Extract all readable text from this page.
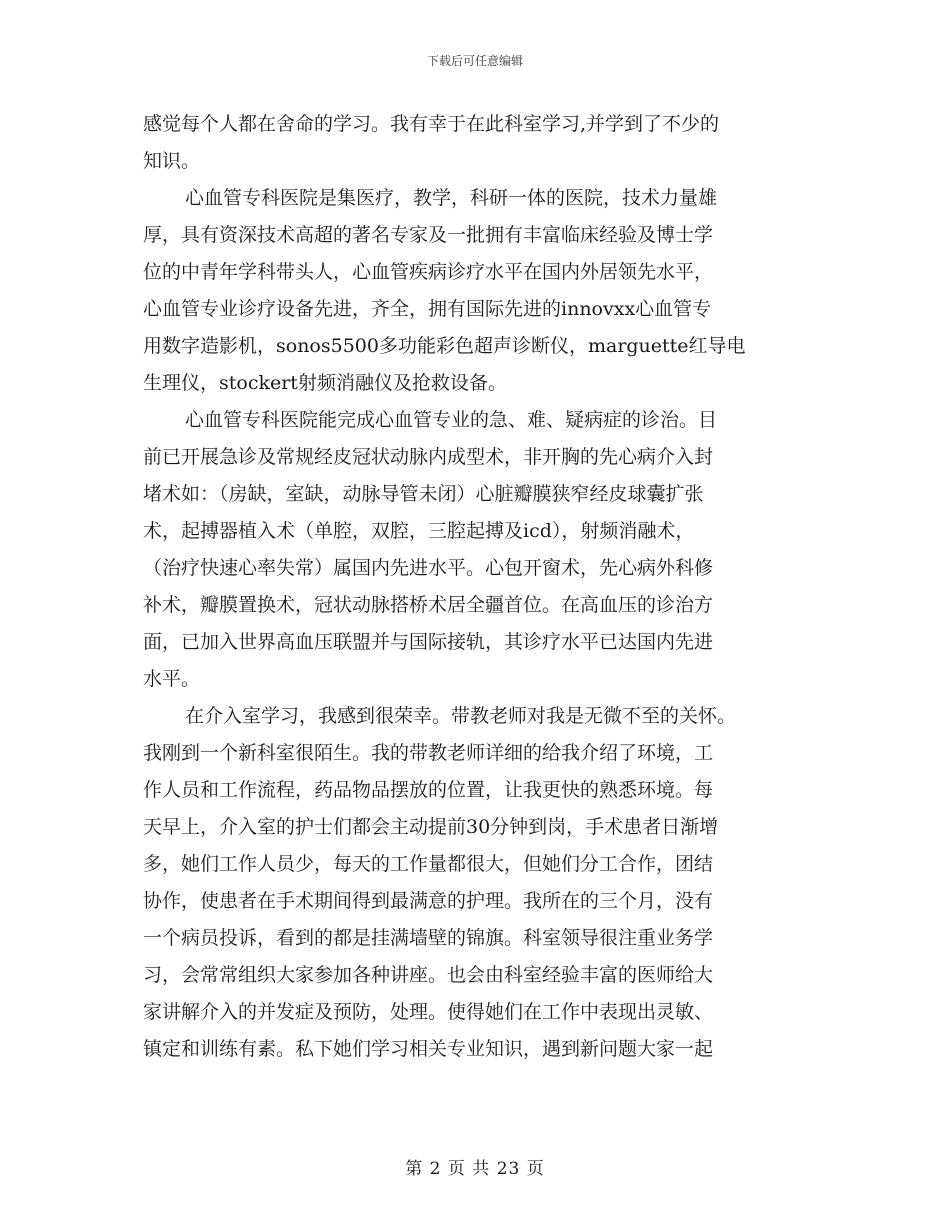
下载后可任意编辑
感觉每个人都在舍命的学习。我有幸于在此科室学习,并学到了不少的
知识。
心血管专科医院是集医疗，教学，科研一体的医院，技术力量雄
厚，具有资深技术高超的著名专家及一批拥有丰富临床经验及博士学
位的中青年学科带头人，心血管疾病诊疗水平在国内外居领先水平，
心血管专业诊疗设备先进，齐全，拥有国际先进的innovxx心血管专
用数字造影机，sonos5500多功能彩色超声诊断仪，marguette红导电
生理仪，stockert射频消融仪及抢救设备。
心血管专科医院能完成心血管专业的急、难、疑病症的诊治。目
前已开展急诊及常规经皮冠状动脉内成型术，非开胸的先心病介入封
堵术如：（房缺，室缺，动脉导管未闭）心脏瓣膜狭窄经皮球囊扩张
术，起搏器植入术（单腔，双腔，三腔起搏及icd），射频消融术，
（治疗快速心率失常）属国内先进水平。心包开窗术，先心病外科修
补术，瓣膜置换术，冠状动脉搭桥术居全疆首位。在高血压的诊治方
面，已加入世界高血压联盟并与国际接轨，其诊疗水平已达国内先进
水平。
在介入室学习，我感到很荣幸。带教老师对我是无微不至的关怀。
我刚到一个新科室很陌生。我的带教老师详细的给我介绍了环境，工
作人员和工作流程，药品物品摆放的位置，让我更快的熟悉环境。每
天早上，介入室的护士们都会主动提前30分钟到岗，手术患者日渐增
多，她们工作人员少，每天的工作量都很大，但她们分工合作，团结
协作，使患者在手术期间得到最满意的护理。我所在的三个月，没有
一个病员投诉，看到的都是挂满墙壁的锦旗。科室领导很注重业务学
习，会常常组织大家参加各种讲座。也会由科室经验丰富的医师给大
家讲解介入的并发症及预防，处理。使得她们在工作中表现出灵敏、
镇定和训练有素。私下她们学习相关专业知识，遇到新问题大家一起
第 2 页 共 23 页
